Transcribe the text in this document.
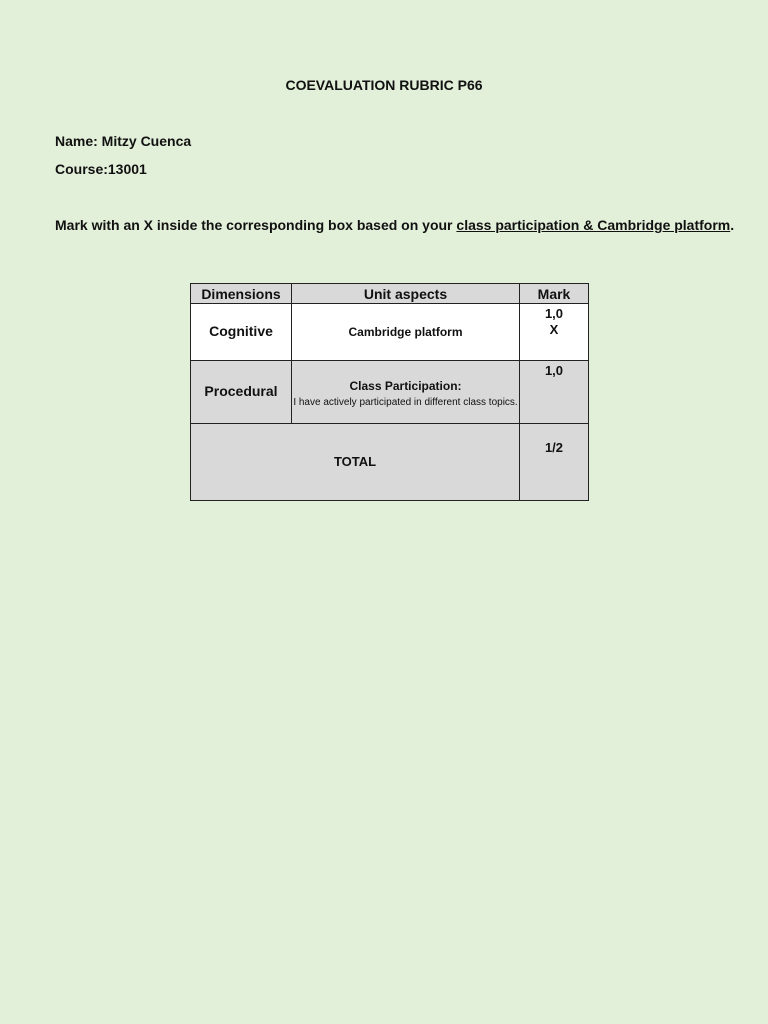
COEVALUATION RUBRIC P66
Name: Mitzy Cuenca
Course:13001
Mark with an X inside the corresponding box based on your class participation & Cambridge platform.
Dimensions	Unit aspects	Mark
Cognitive	Cambridge platform	1,0
X

Procedural	Class Participation:
I have actively participated in different class topics.	1,0

TOTAL		1/2
